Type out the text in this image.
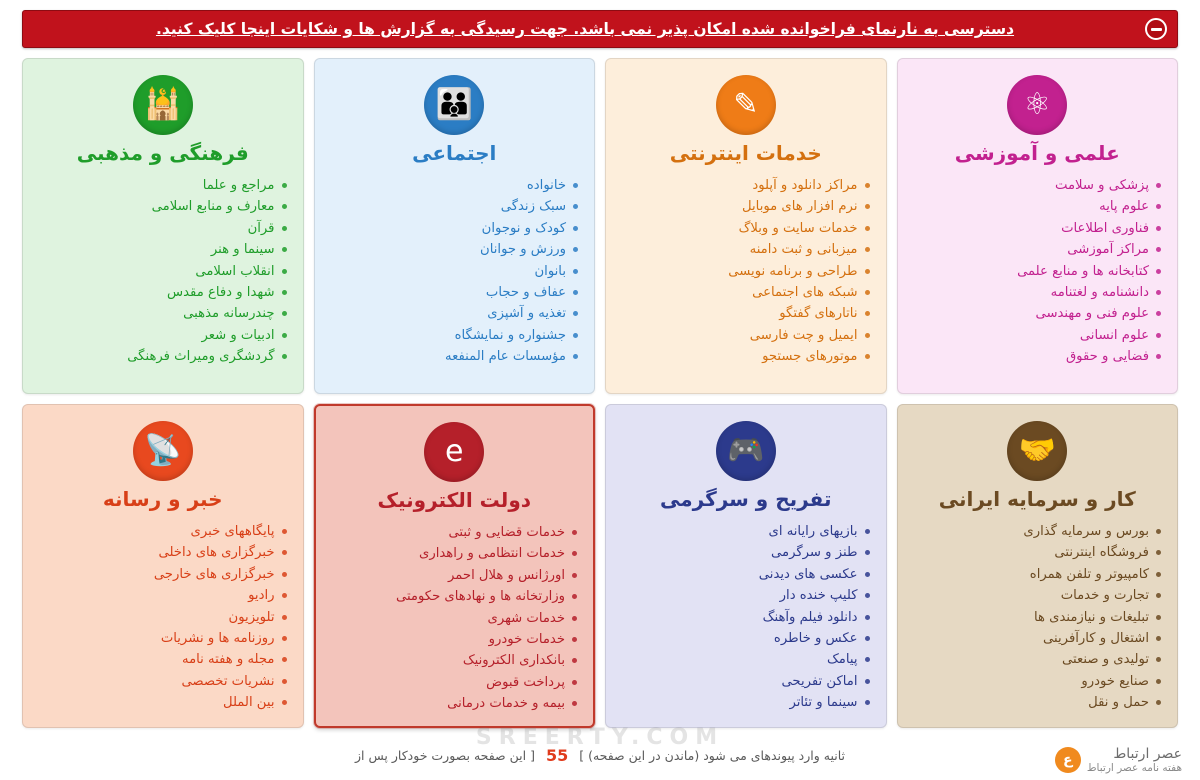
دسترسی به نارنمای فراخوانده شده امکان پذیر نمی باشد. جهت رسیدگی به گزارش ها و شکایات اینجا کلیک کنید.
⚛
علمی و آموزشی
پزشکی و سلامت
علوم پایه
فناوری اطلاعات
مراکز آموزشی
کتابخانه ها و منابع علمی
دانشنامه و لغتنامه
علوم فنی و مهندسی
علوم انسانی
فضایی و حقوق
✎
خدمات اینترنتی
مراکز دانلود و آپلود
نرم افزار های موبایل
خدمات سایت و وبلاگ
میزبانی و ثبت دامنه
طراحی و برنامه نویسی
شبکه های اجتماعی
ناتارهای گفتگو
ایمیل و چت فارسی
موتورهای جستجو
👪
اجتماعی
خانواده
سبک زندگی
کودک و نوجوان
ورزش و جوانان
بانوان
عفاف و حجاب
تغذیه و آشپزی
جشنواره و نمایشگاه
مؤسسات عام المنفعه
🕌
فرهنگی و مذهبی
مراجع و علما
معارف و منابع اسلامی
قرآن
سینما و هنر
انقلاب اسلامی
شهدا و دفاع مقدس
چندرسانه مذهبی
ادبیات و شعر
گردشگری ومیراث فرهنگی
🤝
کار و سرمایه ایرانی
بورس و سرمایه گذاری
فروشگاه اینترنتی
کامپیوتر و تلفن همراه
تجارت و خدمات
تبلیغات و نیازمندی ها
اشتغال و کارآفرینی
تولیدی و صنعتی
صنایع خودرو
حمل و نقل
🎮
تفریح و سرگرمی
بازیهای رایانه ای
طنز و سرگرمی
عکسی های دیدنی
کلیپ خنده دار
دانلود فیلم وآهنگ
عکس و خاطره
پیامک
اماکن تفریحی
سینما و تئاتر
e
دولت الکترونیک
خدمات قضایی و ثبتی
خدمات انتظامی و راهداری
اورژانس و هلال احمر
وزارتخانه ها و نهادهای حکومتی
خدمات شهری
خدمات خودرو
بانکداری الکترونیک
پرداخت قبوض
بیمه و خدمات درمانی
📡
خبر و رسانه
پایگاههای خبری
خبرگزاری های داخلی
خبرگزاری های خارجی
رادیو
تلویزیون
روزنامه ها و نشریات
مجله و هفته نامه
نشریات تخصصی
بین الملل
SREERTY.COM
ثانیه وارد پیوندهای می شود (ماندن در این صفحه) ]
55
[ این صفحه بصورت خودکار پس از	عصر ارتباط
هفته نامه عصر ارتباط
ع
